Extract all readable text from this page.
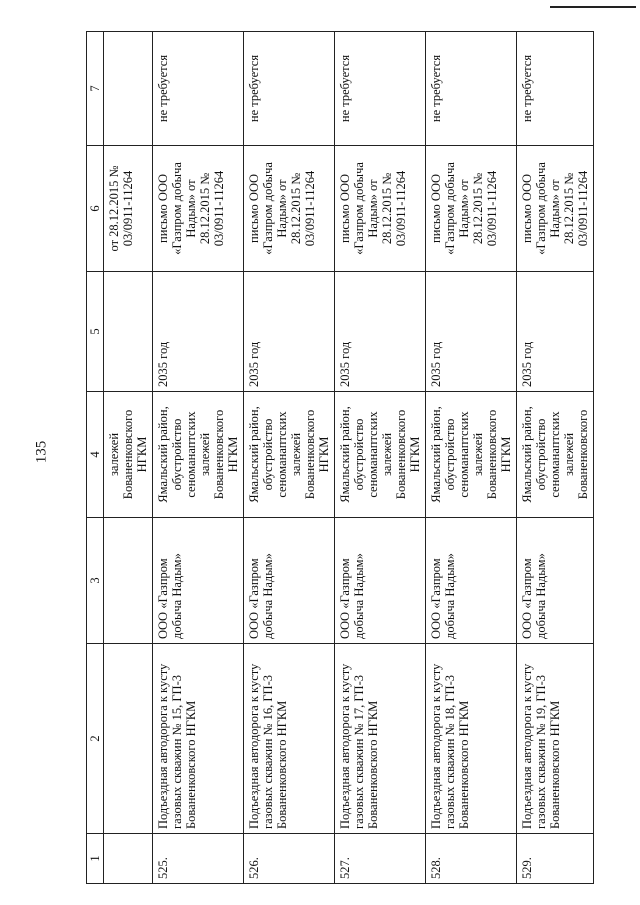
135
1	2	3	4	5	6	7
			залежей Бованенковского НГКМ		от 28.12.2015 № 03/0911-11264	
525.	Подъездная автодорога к кусту газовых скважин № 15, ГП-3 Бованенковского НГКМ	ООО «Газпром добыча Надым»	Ямальский район, обустройство сеноманаптских залежей Бованенковского НГКМ	2035 год	письмо ООО «Газпром добыча Надым» от 28.12.2015 № 03/0911-11264	не требуется
526.	Подъездная автодорога к кусту газовых скважин № 16, ГП-3 Бованенковского НГКМ	ООО «Газпром добыча Надым»	Ямальский район, обустройство сеноманаптских залежей Бованенковского НГКМ	2035 год	письмо ООО «Газпром добыча Надым» от 28.12.2015 № 03/0911-11264	не требуется
527.	Подъездная автодорога к кусту газовых скважин № 17, ГП-3 Бованенковского НГКМ	ООО «Газпром добыча Надым»	Ямальский район, обустройство сеноманаптских залежей Бованенковского НГКМ	2035 год	письмо ООО «Газпром добыча Надым» от 28.12.2015 № 03/0911-11264	не требуется
528.	Подъездная автодорога к кусту газовых скважин № 18, ГП-3 Бованенковского НГКМ	ООО «Газпром добыча Надым»	Ямальский район, обустройство сеноманаптских залежей Бованенковского НГКМ	2035 год	письмо ООО «Газпром добыча Надым» от 28.12.2015 № 03/0911-11264	не требуется
529.	Подъездная автодорога к кусту газовых скважин № 19, ГП-3 Бованенковского НГКМ	ООО «Газпром добыча Надым»	Ямальский район, обустройство сеноманаптских залежей Бованенковского	2035 год	письмо ООО «Газпром добыча Надым» от 28.12.2015 № 03/0911-11264	не требуется
